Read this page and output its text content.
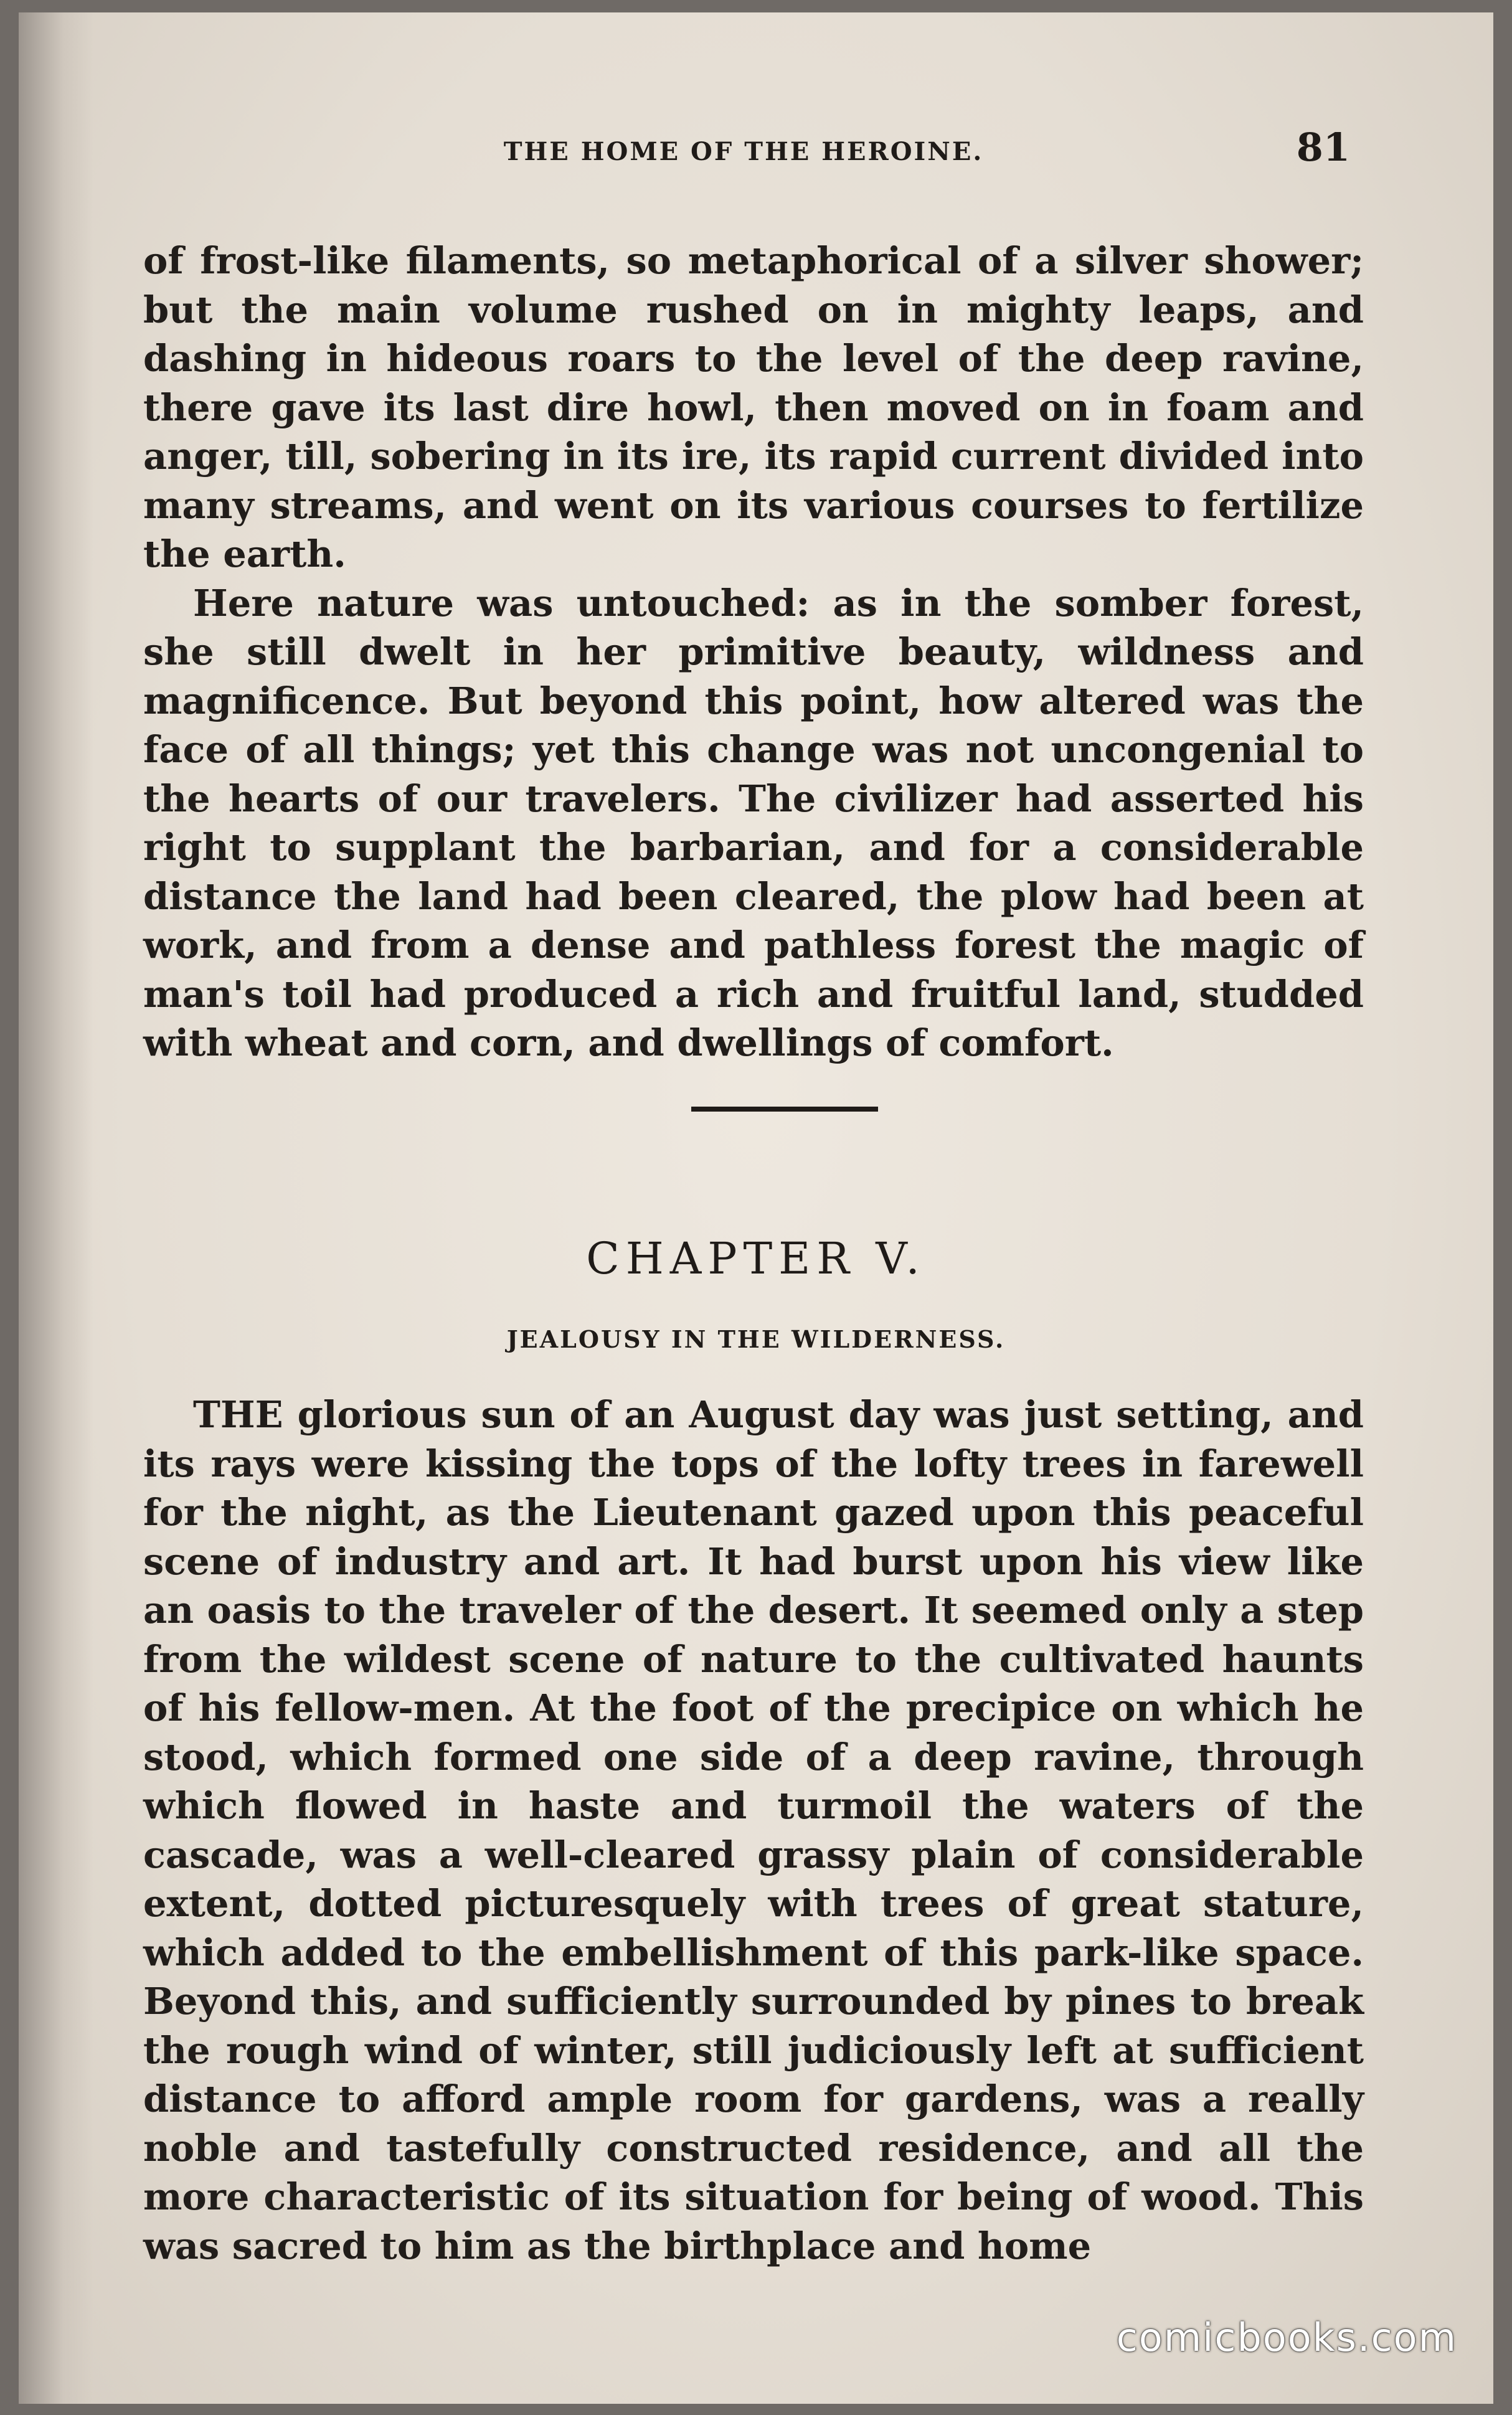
THE HOME OF THE HEROINE.	81

of frost-like filaments, so metaphorical of a silver shower; but the main volume rushed on in mighty leaps, and dashing in hideous roars to the level of the deep ravine, there gave its last dire howl, then moved on in foam and anger, till, sobering in its ire, its rapid current divided into many streams, and went on its various courses to fertilize the earth.

Here nature was untouched: as in the somber forest, she still dwelt in her primitive beauty, wildness and magnificence. But beyond this point, how altered was the face of all things; yet this change was not uncongenial to the hearts of our travelers. The civilizer had asserted his right to supplant the barbarian, and for a considerable distance the land had been cleared, the plow had been at work, and from a dense and pathless forest the magic of man's toil had produced a rich and fruitful land, studded with wheat and corn, and dwellings of comfort.

CHAPTER V.
JEALOUSY IN THE WILDERNESS.

THE glorious sun of an August day was just setting, and its rays were kissing the tops of the lofty trees in farewell for the night, as the Lieutenant gazed upon this peaceful scene of industry and art. It had burst upon his view like an oasis to the traveler of the desert. It seemed only a step from the wildest scene of nature to the cultivated haunts of his fellow-men. At the foot of the precipice on which he stood, which formed one side of a deep ravine, through which flowed in haste and turmoil the waters of the cascade, was a well-cleared grassy plain of considerable extent, dotted picturesquely with trees of great stature, which added to the embellishment of this park-like space. Beyond this, and sufficiently surrounded by pines to break the rough wind of winter, still judiciously left at sufficient distance to afford ample room for gardens, was a really noble and tastefully constructed residence, and all the more characteristic of its situation for being of wood. This was sacred to him as the birthplace and home

comicbooks.com
